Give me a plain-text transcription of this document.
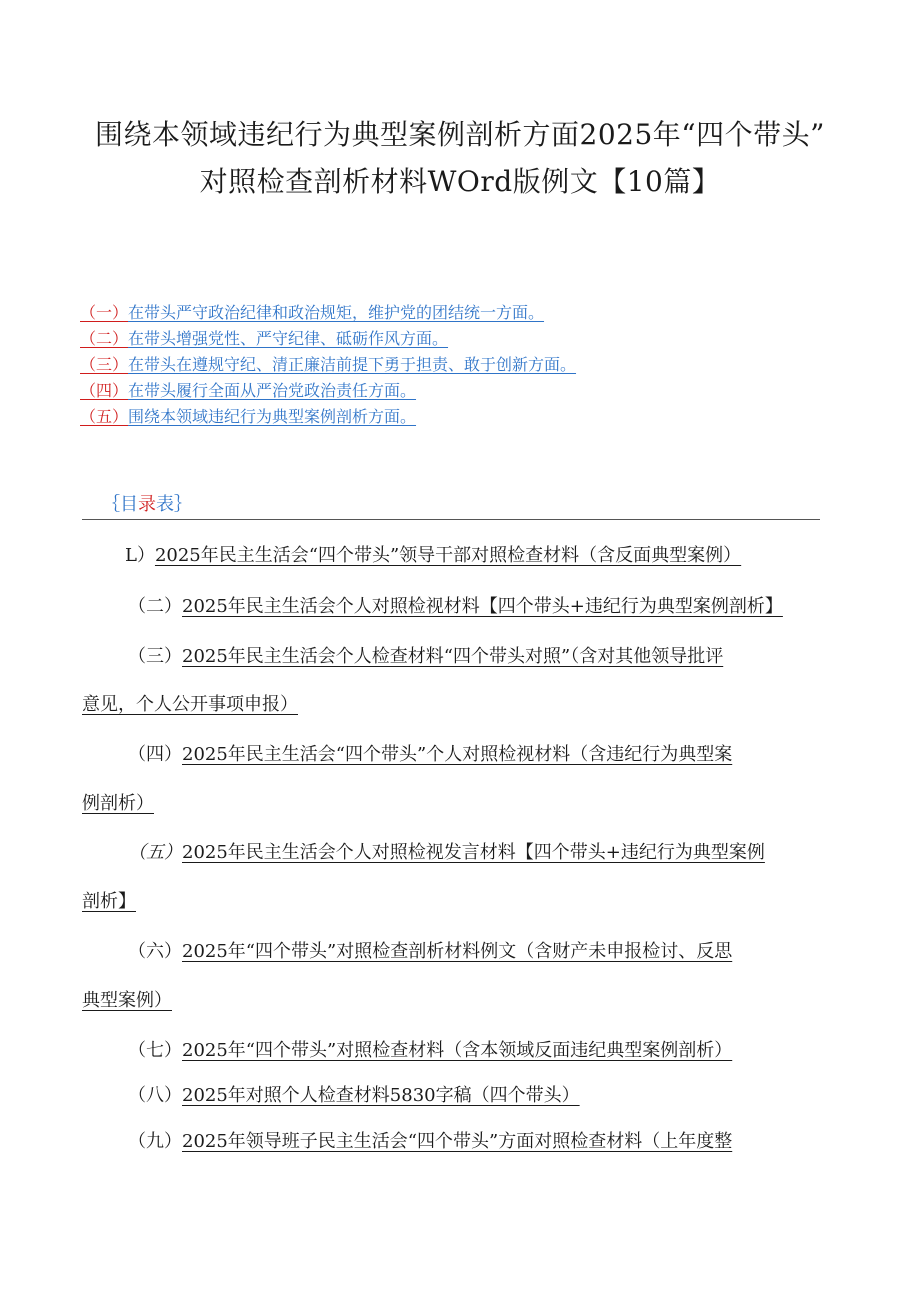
围绕本领域违纪行为典型案例剖析方面2025年“四个带头”
对照检查剖析材料WOrd版例文【10篇】
（一）在带头严守政治纪律和政治规矩，维护党的团结统一方面。
（二）在带头增强党性、严守纪律、砥砺作风方面。
（三）在带头在遵规守纪、清正廉洁前提下勇于担责、敢于创新方面。
（四）在带头履行全面从严治党政治责任方面。
（五）围绕本领域违纪行为典型案例剖析方面。
｛目录表｝
L）2025年民主生活会“四个带头”领导干部对照检查材料（含反面典型案例）
（二）2025年民主生活会个人对照检视材料【四个带头+违纪行为典型案例剖析】
（三）2025年民主生活会个人检查材料“四个带头对照”（含对其他领导批评
意见，个人公开事项申报）
（四）2025年民主生活会“四个带头”个人对照检视材料（含违纪行为典型案
例剖析）
（五）2025年民主生活会个人对照检视发言材料【四个带头+违纪行为典型案例
剖析】
（六）2025年“四个带头”对照检查剖析材料例文（含财产未申报检讨、反思
典型案例）
（七）2025年“四个带头”对照检查材料（含本领域反面违纪典型案例剖析）
（八）2025年对照个人检查材料5830字稿（四个带头）
（九）2025年领导班子民主生活会“四个带头”方面对照检查材料（上年度整
